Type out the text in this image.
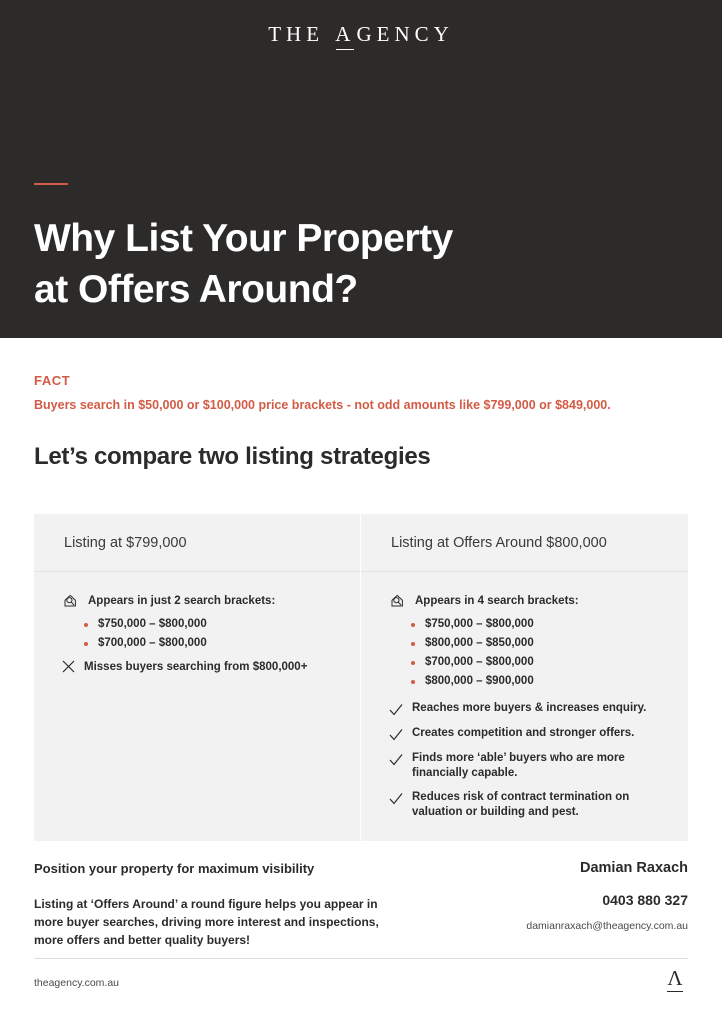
THE AGENCY
Why List Your Property
at Offers Around?
FACT
Buyers search in $50,000 or $100,000 price brackets - not odd amounts like $799,000 or $849,000.
Let’s compare two listing strategies
Listing at $799,000
Appears in just 2 search brackets:
$750,000 – $800,000
$700,000 – $800,000
Misses buyers searching from $800,000+
Listing at Offers Around $800,000
Appears in 4 search brackets:
$750,000 – $800,000
$800,000 – $850,000
$700,000 – $800,000
$800,000 – $900,000
Reaches more buyers & increases enquiry.
Creates competition and stronger offers.
Finds more ‘able’ buyers who are more financially capable.
Reduces risk of contract termination on valuation or building and pest.
Position your property for maximum visibility
Listing at ‘Offers Around’ a round figure helps you appear in more buyer searches, driving more interest and inspections, more offers and better quality buyers!
Damian Raxach
0403 880 327
damianraxach@theagency.com.au
theagency.com.au	Λ
